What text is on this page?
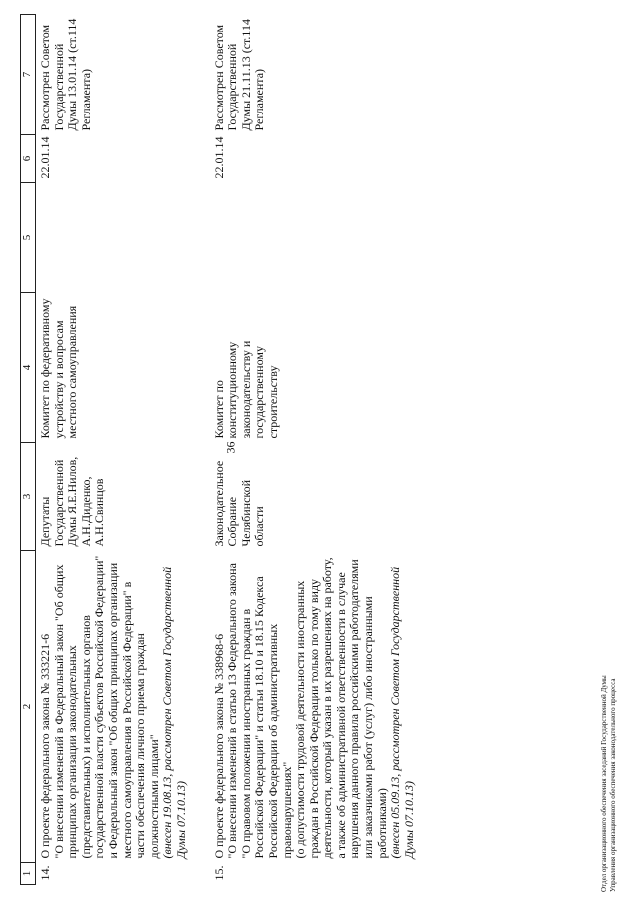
36
Отдел организационного обеспечения заседаний Государственной Думы Управления организационного обеспечения законодательного процесса
1	2	3	4	5	6	7
14.	О проекте федерального закона № 333221-6 "О внесении изменений в Федеральный закон "Об общих принципах организации законодательных (представительных) и исполнительных органов государственной власти субъектов Российской Федерации" и Федеральный закон "Об общих принципах организации местного самоуправления в Российской Федерации" в части обеспечения личного приема граждан должностными лицами" (внесен 19.08.13, рассмотрен Советом Государственной Думы 07.10.13)	Депутаты Государственной Думы Я.Е.Нилов, А.Н.Диденко, А.Н.Свинцов	Комитет по федеративному устройству и вопросам местного самоуправления		22.01.14	Рассмотрен Советом Государственной Думы 13.01.14 (ст.114 Регламента)

15.	О проекте федерального закона № 338968-6 "О внесении изменений в статью 13 Федерального закона "О правовом положении иностранных граждан в Российской Федерации" и статьи 18.10 и 18.15 Кодекса Российской Федерации об административных правонарушениях" (о допустимости трудовой деятельности иностранных граждан в Российской Федерации только по тому виду деятельности, который указан в их разрешениях на работу, а также об административной ответственности в случае нарушения данного правила российскими работодателями или заказчиками работ (услуг) либо иностранными работниками) (внесен 05.09.13, рассмотрен Советом Государственной Думы 07.10.13)	Законодательное Собрание Челябинской области	Комитет по конституционному законодательству и государственному строительству		22.01.14	Рассмотрен Советом Государственной Думы 21.11.13 (ст.114 Регламента)
